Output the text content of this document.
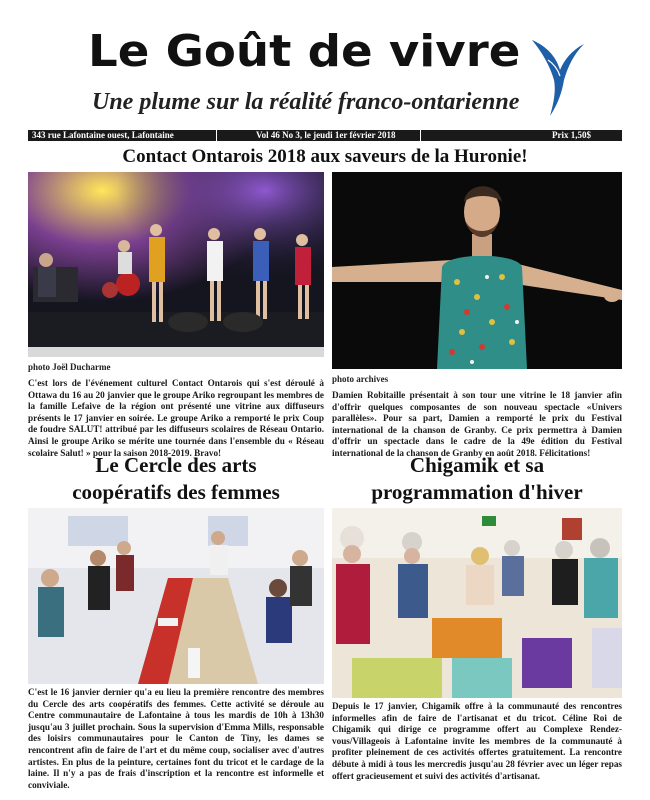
Le Goût de vivre
Une plume sur la réalité franco-ontarienne
343 rue Lafontaine ouest, Lafontaine	Vol 46 No 3, le jeudi 1er février 2018	Prix 1,50$
Contact Ontarois 2018 aux saveurs de la Huronie!
photo Joël Ducharme
C'est lors de l'événement culturel Contact Ontarois qui s'est déroulé à Ottawa du 16 au 20 janvier que le groupe Ariko regroupant les membres de la famille Lefaive de la région ont présenté une vitrine aux diffuseurs présents le 17 janvier en soirée. Le groupe Ariko a remporté le prix Coup de foudre SALUT! attribué par les diffuseurs scolaires de Réseau Ontario. Ainsi le groupe Ariko se mérite une tournée dans l'ensemble du « Réseau scolaire Salut! » pour la saison 2018-2019. Bravo!
photo archives
Damien Robitaille présentait à son tour une vitrine le 18 janvier afin d'offrir quelques composantes de son nouveau spectacle «Univers parallèles». Pour sa part, Damien a remporté le prix du Festival international de la chanson de Granby. Ce prix permettra à Damien d'offrir un spectacle dans le cadre de la 49e édition du Festival international de la chanson de Granby en août 2018. Félicitations!
Le Cercle des arts
coopératifs des femmes
Chigamik et sa
programmation d'hiver
C'est le 16 janvier dernier qu'a eu lieu la première rencontre des membres du Cercle des arts coopératifs des femmes. Cette activité se déroule au Centre communautaire de Lafontaine à tous les mardis de 10h à 13h30 jusqu'au 3 juillet prochain. Sous la supervision d'Emma Mills, responsable des loisirs communautaires pour le Canton de Tiny, les dames se rencontrent afin de faire de l'art et du même coup, socialiser avec d'autres artistes. En plus de la peinture, certaines font du tricot et le cardage de la laine. Il n'y a pas de frais d'inscription et la rencontre est informelle et conviviale.
Depuis le 17 janvier, Chigamik offre à la communauté des rencontres informelles afin de faire de l'artisanat et du tricot. Céline Roi de Chigamik qui dirige ce programme offert au Complexe Rendez-vous/Villageois à Lafontaine invite les membres de la communauté à profiter pleinement de ces activités offertes gratuitement. La rencontre débute à midi à tous les mercredis jusqu'au 28 février avec un léger repas offert gracieusement et suivi des activités d'artisanat.
